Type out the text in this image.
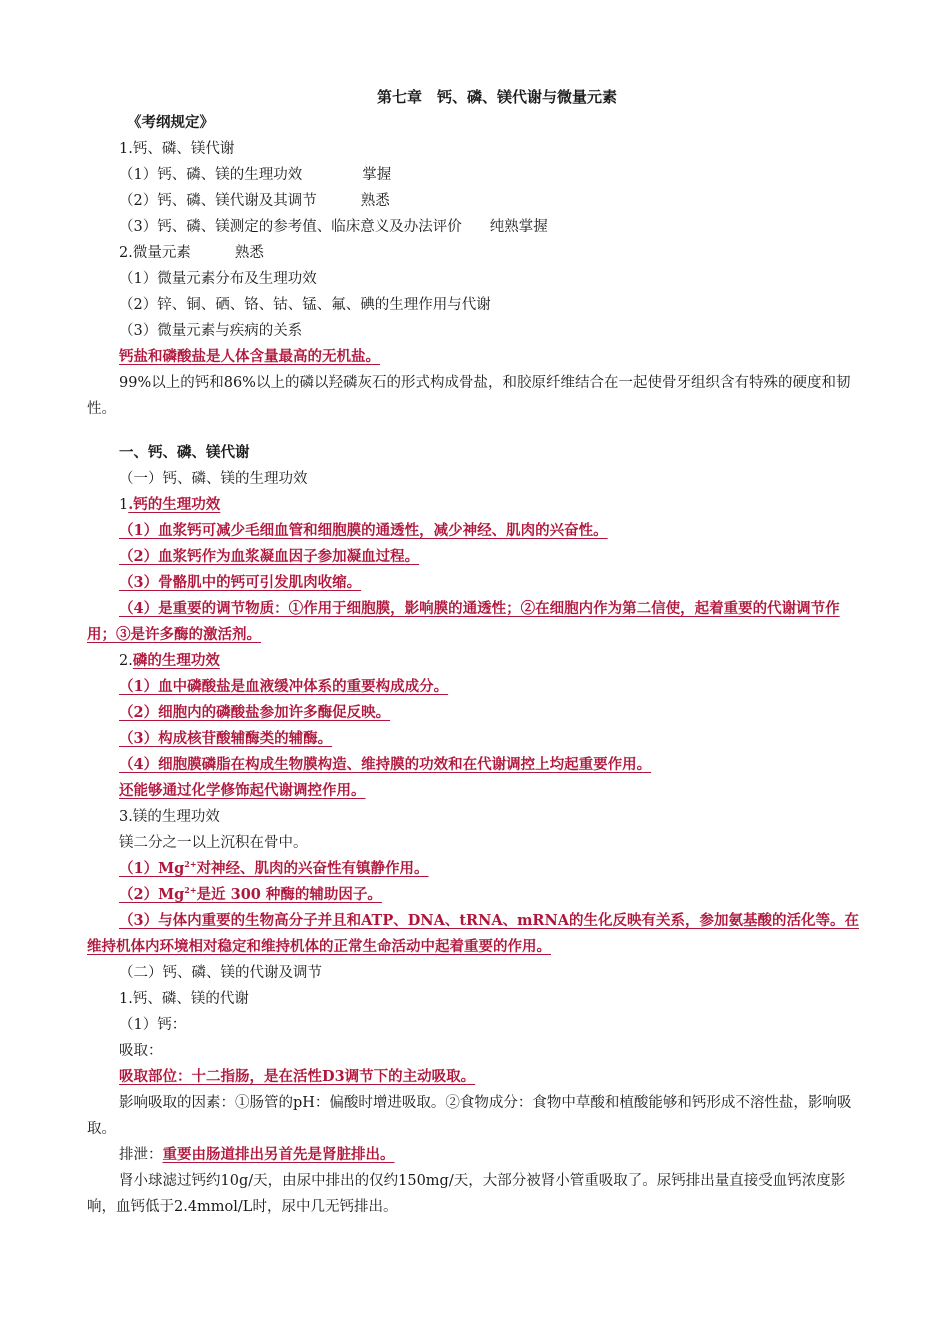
第七章　钙、磷、镁代谢与微量元素
《考纲规定》
1.钙、磷、镁代谢
（1）钙、磷、镁的生理功效	掌握
（2）钙、磷、镁代谢及其调节	熟悉
（3）钙、磷、镁测定的参考值、临床意义及办法评价 纯熟掌握
2.微量元素	熟悉
（1）微量元素分布及生理功效
（2）锌、铜、硒、铬、钴、锰、氟、碘的生理作用与代谢
（3）微量元素与疾病的关系
钙盐和磷酸盐是人体含量最高的无机盐。
99%以上的钙和86%以上的磷以羟磷灰石的形式构成骨盐，和胶原纤维结合在一起使骨牙组织含有特殊的硬度和韧性。
一、钙、磷、镁代谢
（一）钙、磷、镁的生理功效
1.钙的生理功效
（1）血浆钙可减少毛细血管和细胞膜的通透性，减少神经、肌肉的兴奋性。
（2）血浆钙作为血浆凝血因子参加凝血过程。
（3）骨骼肌中的钙可引发肌肉收缩。
（4）是重要的调节物质：①作用于细胞膜，影响膜的通透性；②在细胞内作为第二信使，起着重要的代谢调节作用；③是许多酶的激活剂。
2.磷的生理功效
（1）血中磷酸盐是血液缓冲体系的重要构成成分。
（2）细胞内的磷酸盐参加许多酶促反映。
（3）构成核苷酸辅酶类的辅酶。
（4）细胞膜磷脂在构成生物膜构造、维持膜的功效和在代谢调控上均起重要作用。
还能够通过化学修饰起代谢调控作用。
3.镁的生理功效
镁二分之一以上沉积在骨中。
$(1)Mg^{2+}$对神经、肌肉的兴奋性有镇静作用。
$(2)Mg^{2+}$是近 300 种酶的辅助因子。
（3）与体内重要的生物高分子并且和ATP、DNA、tRNA、mRNA的生化反映有关系，参加氨基酸的活化等。在维持机体内环境相对稳定和维持机体的正常生命活动中起着重要的作用。
（二）钙、磷、镁的代谢及调节
1.钙、磷、镁的代谢
（1）钙：
吸取：
吸取部位：十二指肠，是在活性D3调节下的主动吸取。
影响吸取的因素：①肠管的pH：偏酸时增进吸取。②食物成分：食物中草酸和植酸能够和钙形成不溶性盐，影响吸取。
排泄：重要由肠道排出另首先是肾脏排出。
肾小球滤过钙约10g/天，由尿中排出的仅约150mg/天，大部分被肾小管重吸取了。尿钙排出量直接受血钙浓度影响，血钙低于2.4mmol/L时，尿中几无钙排出。
